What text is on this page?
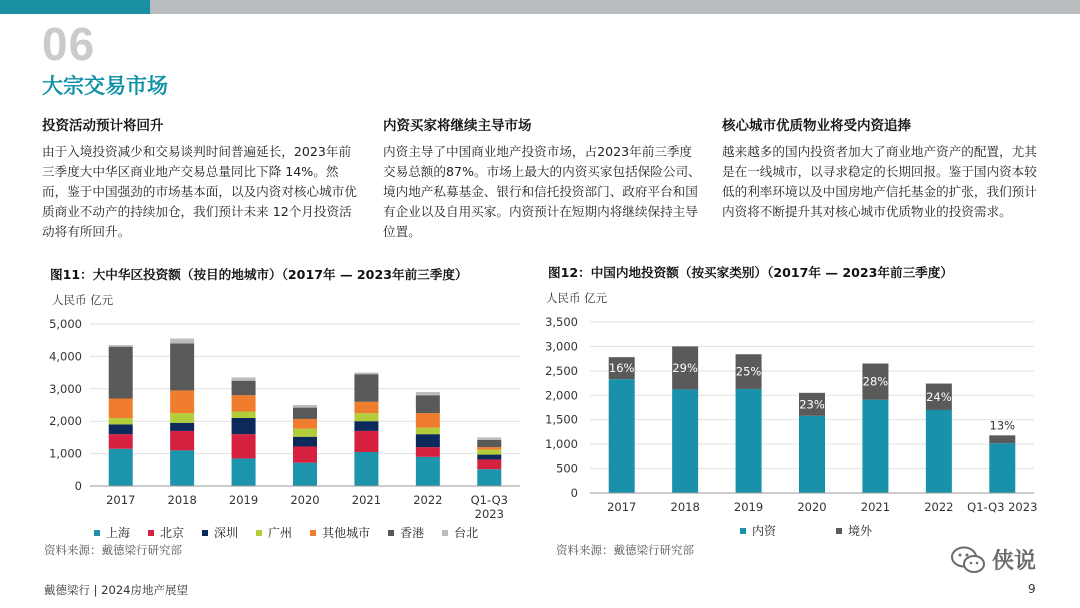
06
大宗交易市场
投资活动预计将回升

由于入境投资减少和交易谈判时间普遍延长，2023年前三季度大中华区商业地产交易总量同比下降 14%。然而，鉴于中国强劲的市场基本面，以及内资对核心城市优质商业不动产的持续加仓，我们预计未来 12个月投资活动将有所回升。

内资买家将继续主导市场

内资主导了中国商业地产投资市场，占2023年前三季度交易总额的87%。市场上最大的内资买家包括保险公司、境内地产私募基金、银行和信托投资部门、政府平台和国有企业以及自用买家。内资预计在短期内将继续保持主导位置。

核心城市优质物业将受内资追捧

越来越多的国内投资者加大了商业地产资产的配置，尤其是在一线城市，以寻求稳定的长期回报。鉴于国内资本较低的利率环境以及中国房地产信托基金的扩张，我们预计内资将不断提升其对核心城市优质物业的投资需求。

图11：大中华区投资额（按目的地城市）（2017年 — 2023年前三季度）
人民币 亿元
0
1,000
2,000
3,000
4,000
5,000
2017	2018	2019	2020	2021	2022 Q1-Q3
2023
上海	北京	深圳	广州	其他城市	香港	台北
资料来源：戴德梁行研究部
图12：中国内地投资额（按买家类别）（2017年 — 2023年前三季度）
人民币 亿元
0
500
1,000
1,500
2,000
2,500
3,000
3,500
16%
2017
29%
2018
25%
2019
23%
2020
28%
2021
24%
2022
13%
Q1-Q3 2023
内资	境外
资料来源：戴德梁行研究部	侠说
戴德梁行 | 2024房地产展望	9
